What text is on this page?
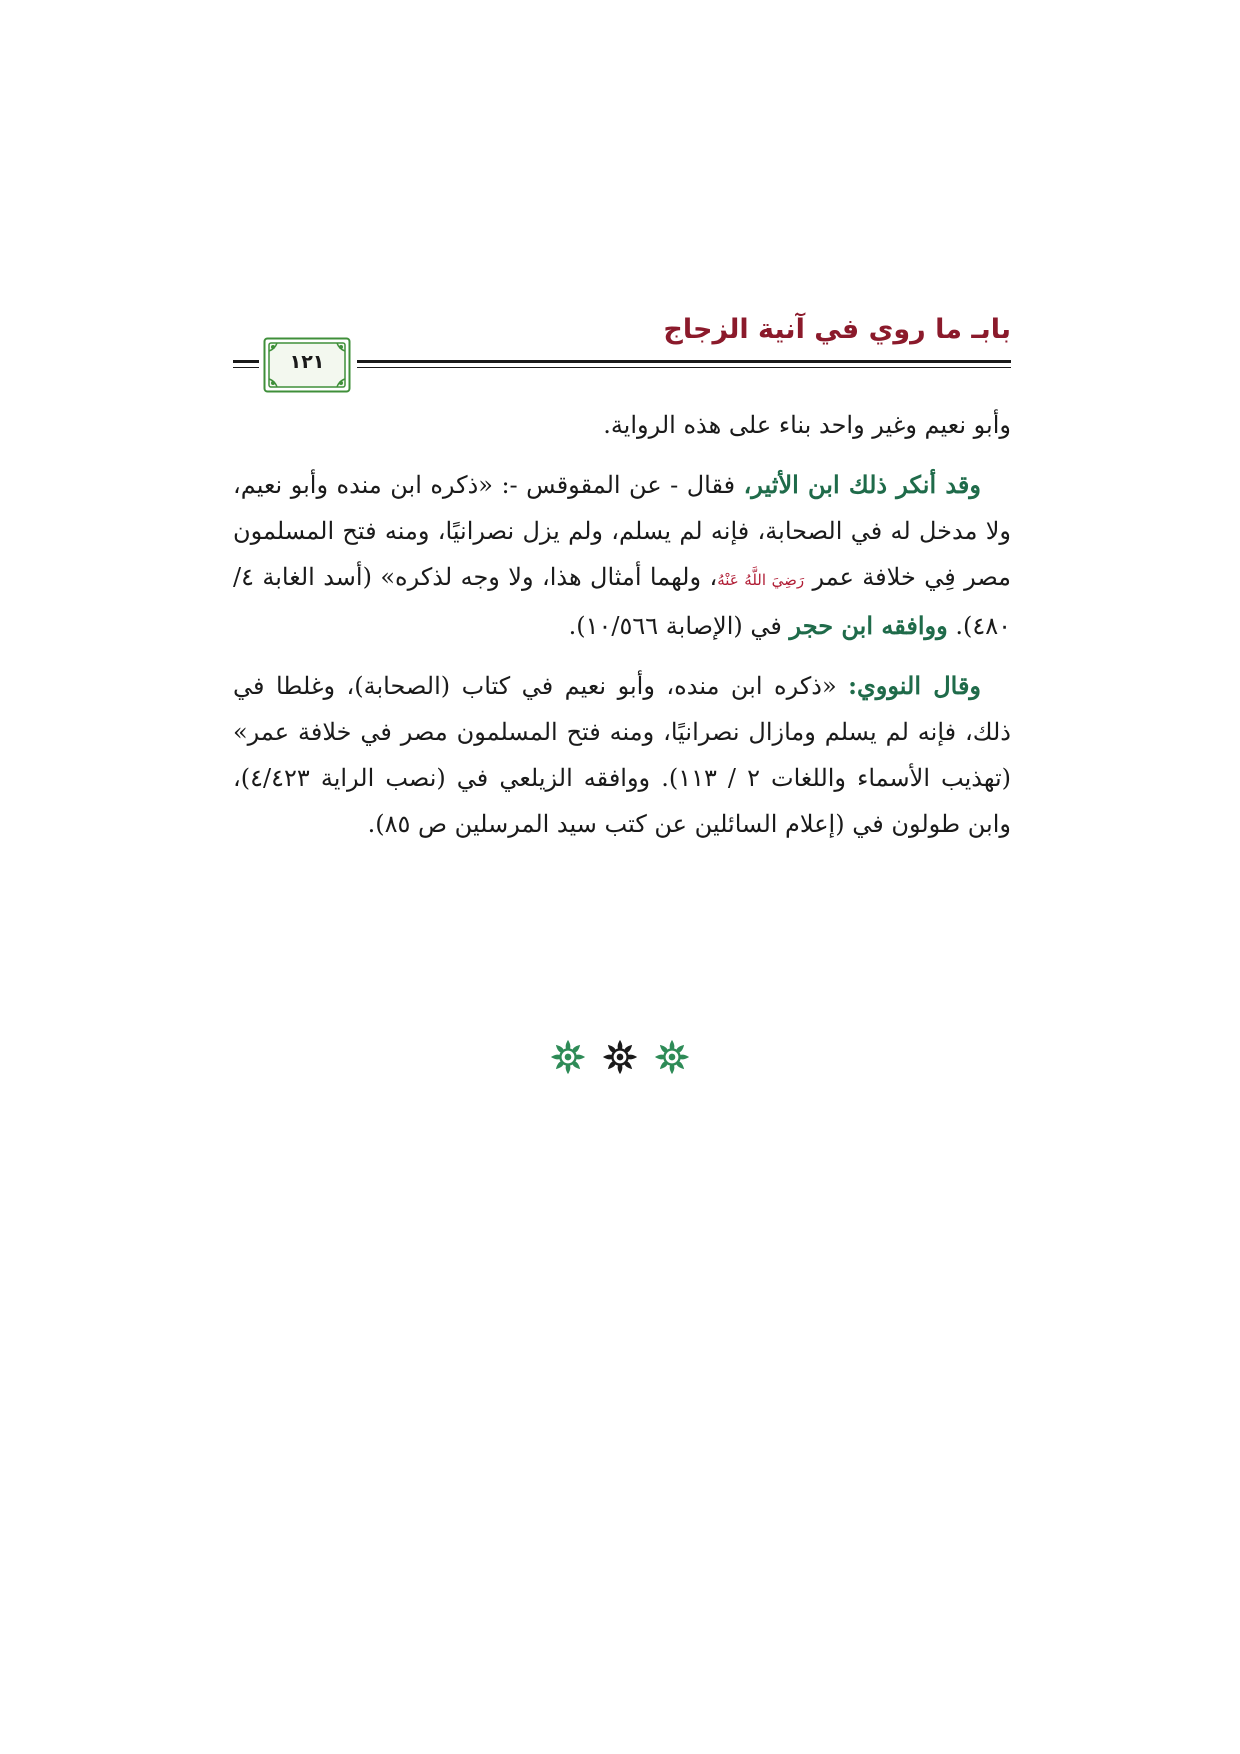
بابـ ما روي في آنية الزجاج
١٢١

وأبو نعيم وغير واحد بناء على هذه الرواية.

وقد أنكر ذلك ابن الأثير، فقال - عن المقوقس -: «ذكره ابن منده وأبو نعيم، ولا مدخل له في الصحابة، فإنه لم يسلم، ولم يزل نصرانيًا، ومنه فتح المسلمون مصر فِي خلافة عمر رَضِيَ اللَّهُ عَنْهُ، ولهما أمثال هذا، ولا وجه لذكره» (أسد الغابة ٤/ ٤٨٠). ووافقه ابن حجر في (الإصابة ١٠/٥٦٦).

وقال النووي: «ذكره ابن منده، وأبو نعيم في كتاب (الصحابة)، وغلطا في ذلك، فإنه لم يسلم ومازال نصرانيًا، ومنه فتح المسلمون مصر في خلافة عمر» (تهذيب الأسماء واللغات ٢ / ١١٣). ووافقه الزيلعي في (نصب الراية ٤/٤٢٣)، وابن طولون في (إعلام السائلين عن كتب سيد المرسلين ص ٨٥).
